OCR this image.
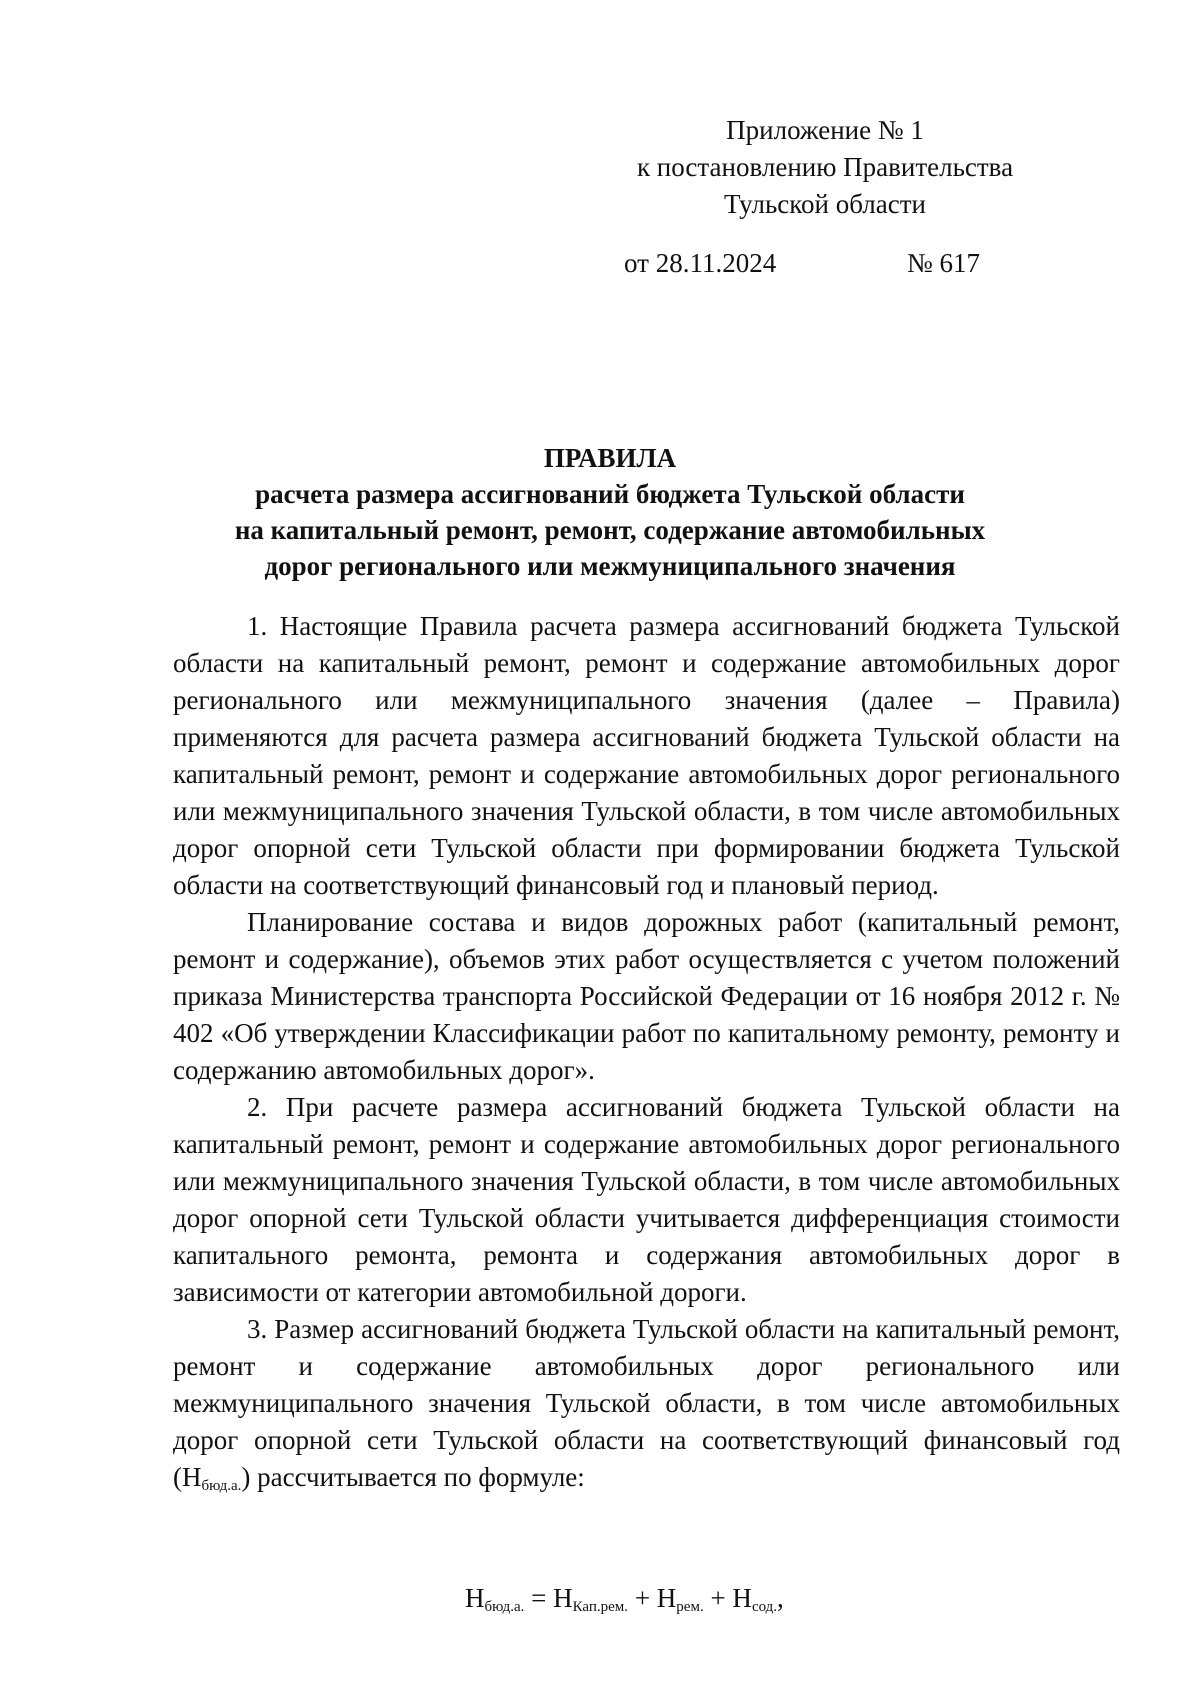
Приложение № 1
к постановлению Правительства
Тульской области
от 28.11.2024	№ 617
ПРАВИЛА
расчета размера ассигнований бюджета Тульской области
на капитальный ремонт, ремонт, содержание автомобильных
дорог регионального или межмуниципального значения

1. Настоящие Правила расчета размера ассигнований бюджета Тульской области на капитальный ремонт, ремонт и содержание автомобильных дорог регионального или межмуниципального значения (далее – Правила) применяются для расчета размера ассигнований бюджета Тульской области на капитальный ремонт, ремонт и содержание автомобильных дорог регионального или межмуниципального значения Тульской области, в том числе автомобильных дорог опорной сети Тульской области при формировании бюджета Тульской области на соответствующий финансовый год и плановый период.

Планирование состава и видов дорожных работ (капитальный ремонт, ремонт и содержание), объемов этих работ осуществляется с учетом положений приказа Министерства транспорта Российской Федерации от 16 ноября 2012 г. № 402 «Об утверждении Классификации работ по капитальному ремонту, ремонту и содержанию автомобильных дорог».

2. При расчете размера ассигнований бюджета Тульской области на капитальный ремонт, ремонт и содержание автомобильных дорог регионального или межмуниципального значения Тульской области, в том числе автомобильных дорог опорной сети Тульской области учитывается дифференциация стоимости капитального ремонта, ремонта и содержания автомобильных дорог в зависимости от категории автомобильной дороги.

3. Размер ассигнований бюджета Тульской области на капитальный ремонт, ремонт и содержание автомобильных дорог регионального или межмуниципального значения Тульской области, в том числе автомобильных дорог опорной сети Тульской области на соответствующий финансовый год $(Н_{бюд.а.})$ рассчитывается по формуле:

$Н_{бюд.а.} = Н_{Кап.рем.} + Н_{рем.} + Н_{сод.}$,
